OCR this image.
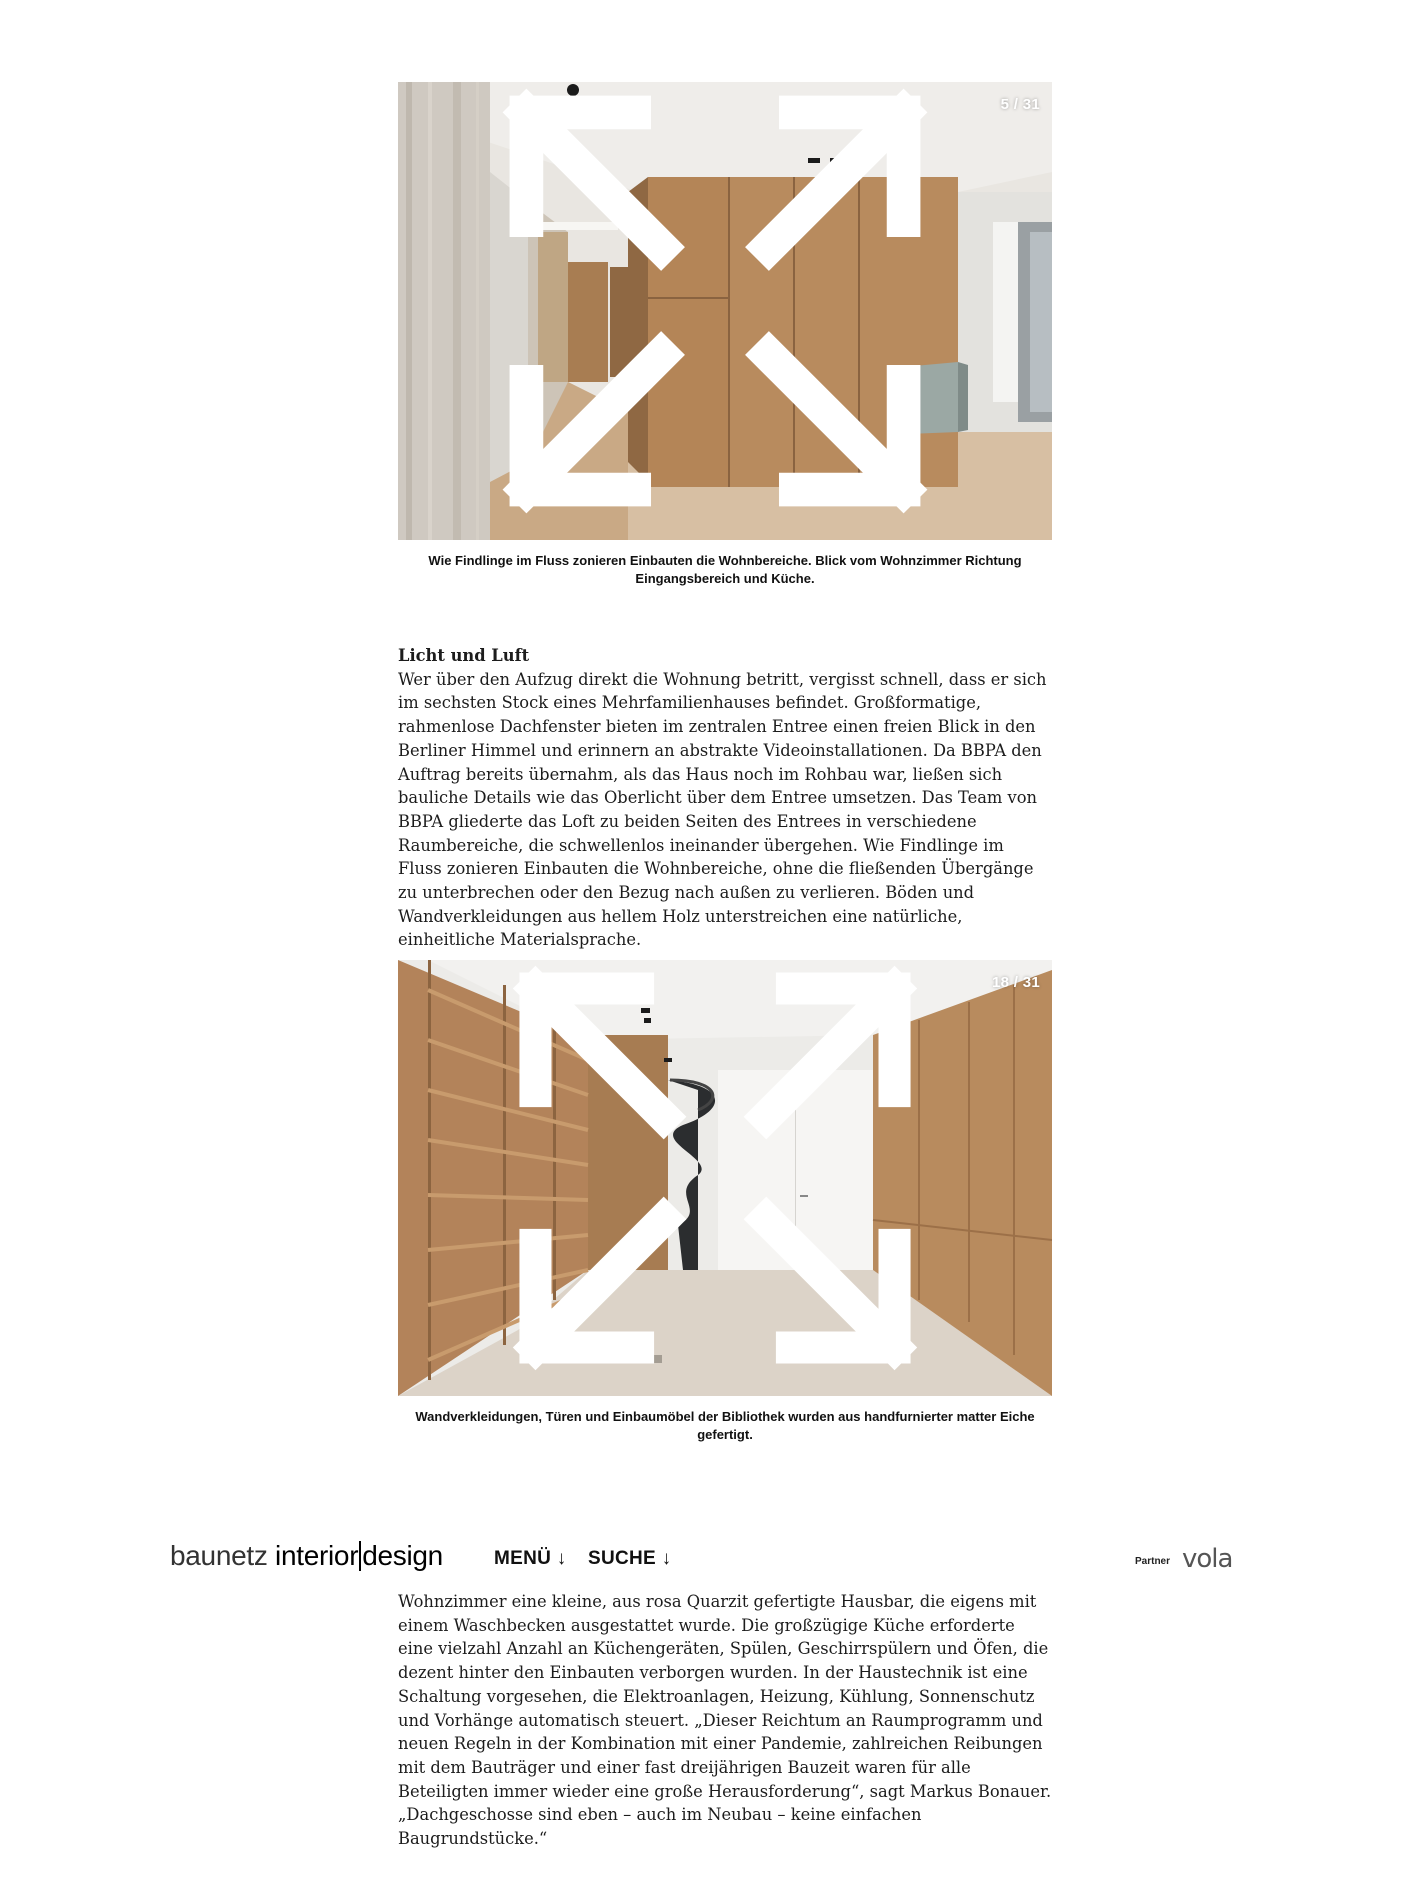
5 / 31
Wie Findlinge im Fluss zonieren Einbauten die Wohnbereiche. Blick vom Wohnzimmer Richtung Eingangsbereich und Küche.
Licht und Luft

Wer über den Aufzug direkt die Wohnung betritt, vergisst schnell, dass er sich im sechsten Stock eines Mehrfamilienhauses befindet. Großformatige, rahmenlose Dachfenster bieten im zentralen Entree einen freien Blick in den Berliner Himmel und erinnern an abstrakte Videoinstallationen. Da BBPA den Auftrag bereits übernahm, als das Haus noch im Rohbau war, ließen sich bauliche Details wie das Oberlicht über dem Entree umsetzen. Das Team von BBPA gliederte das Loft zu beiden Seiten des Entrees in verschiedene Raumbereiche, die schwellenlos ineinander übergehen. Wie Findlinge im Fluss zonieren Einbauten die Wohnbereiche, ohne die fließenden Übergänge zu unterbrechen oder den Bezug nach außen zu verlieren. Böden und Wandverkleidungen aus hellem Holz unterstreichen eine natürliche, einheitliche Materialsprache.

18 / 31
Wandverkleidungen, Türen und Einbaumöbel der Bibliothek wurden aus handfurnierter matter Eiche gefertigt.
baunetz interior design	MENÜ ↓ SUCHE ↓	Partner vola

Wohnzimmer eine kleine, aus rosa Quarzit gefertigte Hausbar, die eigens mit einem Waschbecken ausgestattet wurde. Die großzügige Küche erforderte eine vielzahl Anzahl an Küchengeräten, Spülen, Geschirrspülern und Öfen, die dezent hinter den Einbauten verborgen wurden. In der Haustechnik ist eine Schaltung vorgesehen, die Elektroanlagen, Heizung, Kühlung, Sonnenschutz und Vorhänge automatisch steuert. „Dieser Reichtum an Raumprogramm und neuen Regeln in der Kombination mit einer Pandemie, zahlreichen Reibungen mit dem Bauträger und einer fast dreijährigen Bauzeit waren für alle Beteiligten immer wieder eine große Herausforderung“, sagt Markus Bonauer. „Dachgeschosse sind eben – auch im Neubau – keine einfachen Baugrundstücke.“
